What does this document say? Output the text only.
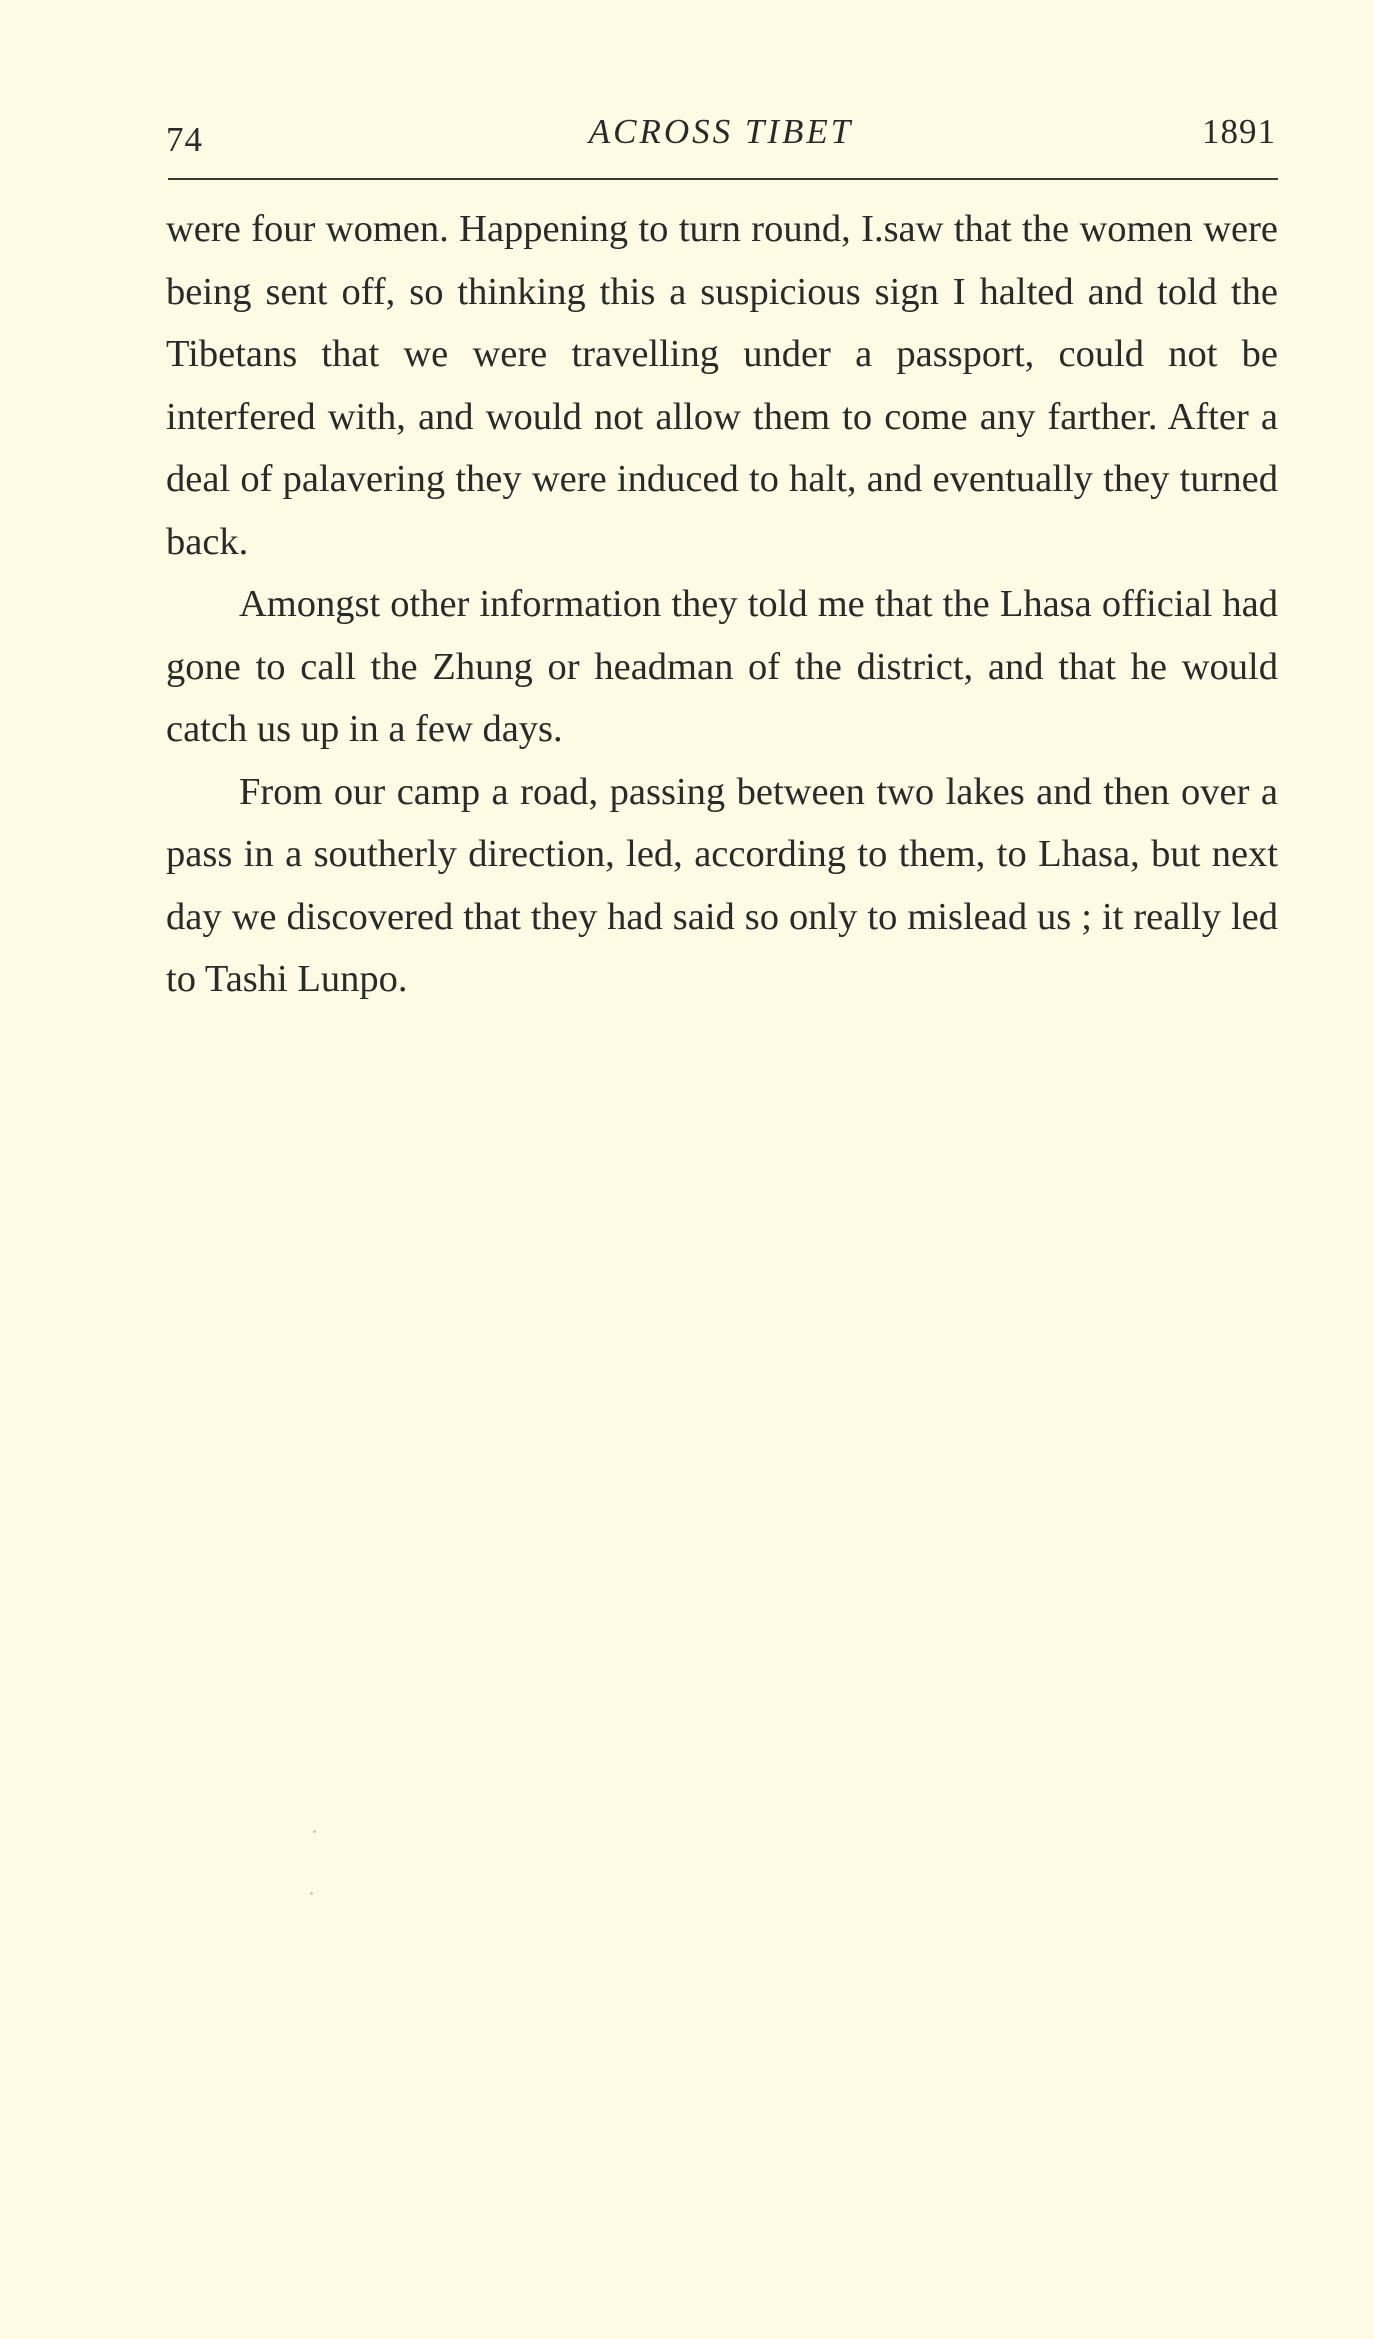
74	ACROSS TIBET	1891

were four women. Happening to turn round, I.saw that the women were being sent off, so thinking this a suspicious sign I halted and told the Tibetans that we were travelling under a passport, could not be interfered with, and would not allow them to come any farther. After a deal of palavering they were induced to halt, and eventually they turned back.

Amongst other information they told me that the Lhasa official had gone to call the Zhung or headman of the district, and that he would catch us up in a few days.

From our camp a road, passing between two lakes and then over a pass in a southerly direction, led, according to them, to Lhasa, but next day we discovered that they had said so only to mislead us ; it really led to Tashi Lunpo.
